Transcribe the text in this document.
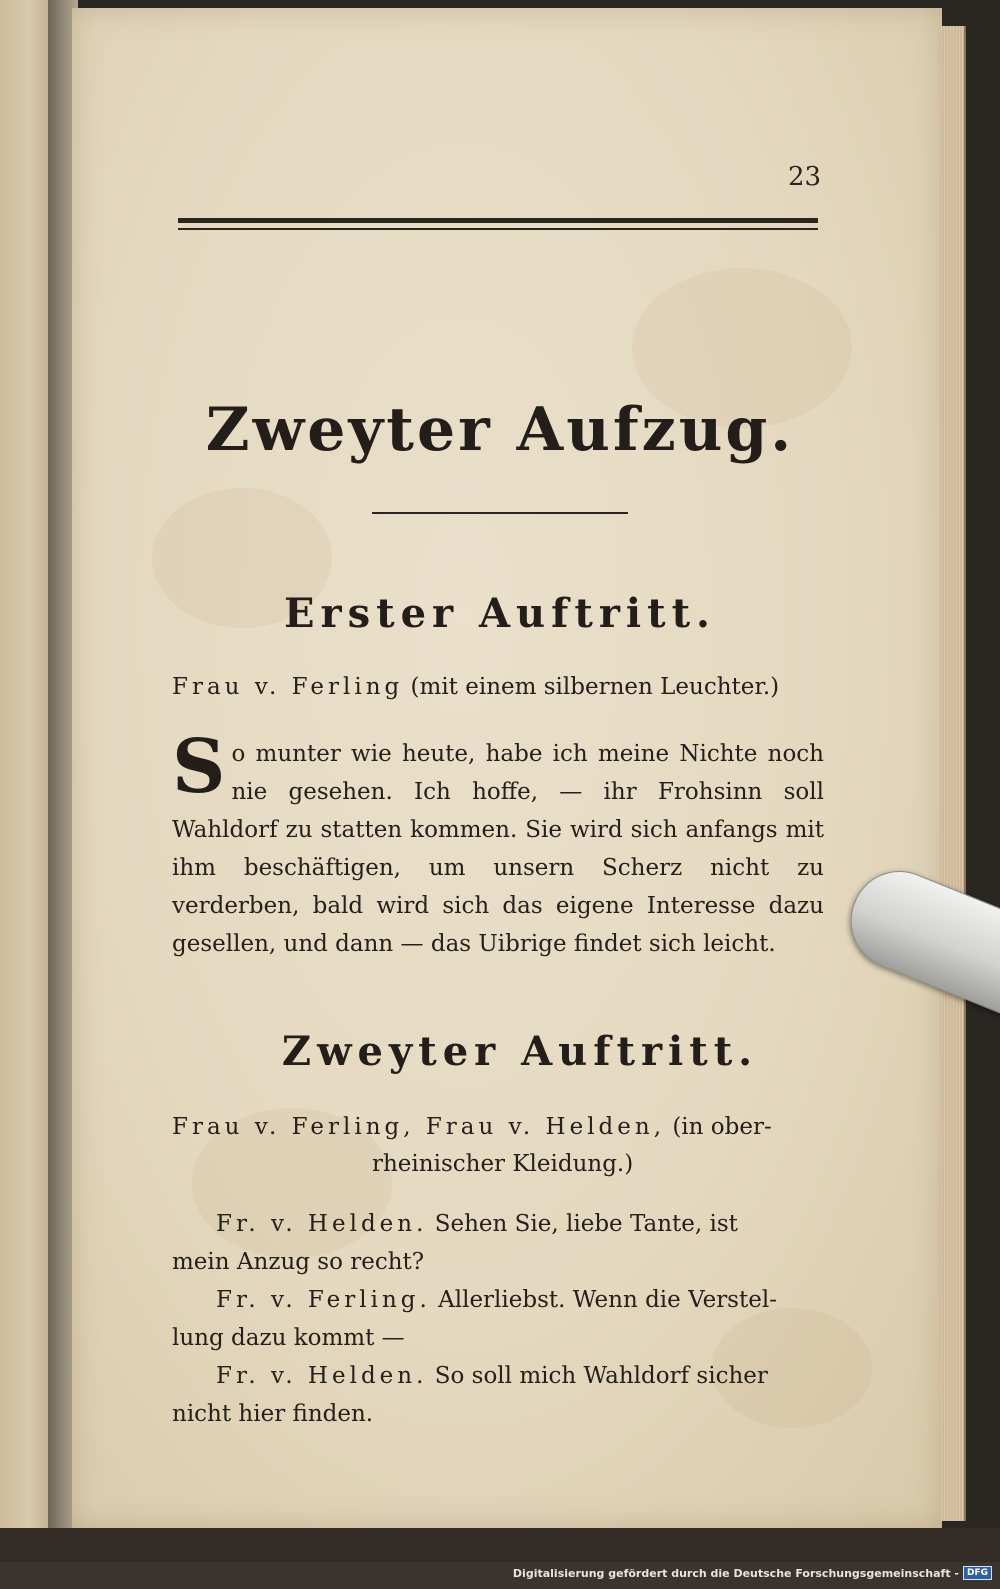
23
Zweyter Aufzug.
Erster Auftritt.
Frau v. Ferling (mit einem silbernen Leuchter.)
S o munter wie heute, habe ich meine Nichte noch nie gesehen. Ich hoffe, — ihr Frohsinn soll Wahldorf zu statten kommen. Sie wird sich anfangs mit ihm beschäftigen, um unsern Scherz nicht zu verderben, bald wird sich das eigene Interesse dazu gesellen, und dann — das Uibrige findet sich leicht.
Zweyter Auftritt.
Frau v. Ferling, Frau v. Helden, (in ober-
rheinischer Kleidung.)
Fr. v. Helden. Sehen Sie, liebe Tante, ist
mein Anzug so recht?
Fr. v. Ferling. Allerliebst. Wenn die Verstel-
lung dazu kommt —
Fr. v. Helden. So soll mich Wahldorf sicher
nicht hier finden.
Digitalisierung gefördert durch die Deutsche Forschungsgemeinschaft - DFG
